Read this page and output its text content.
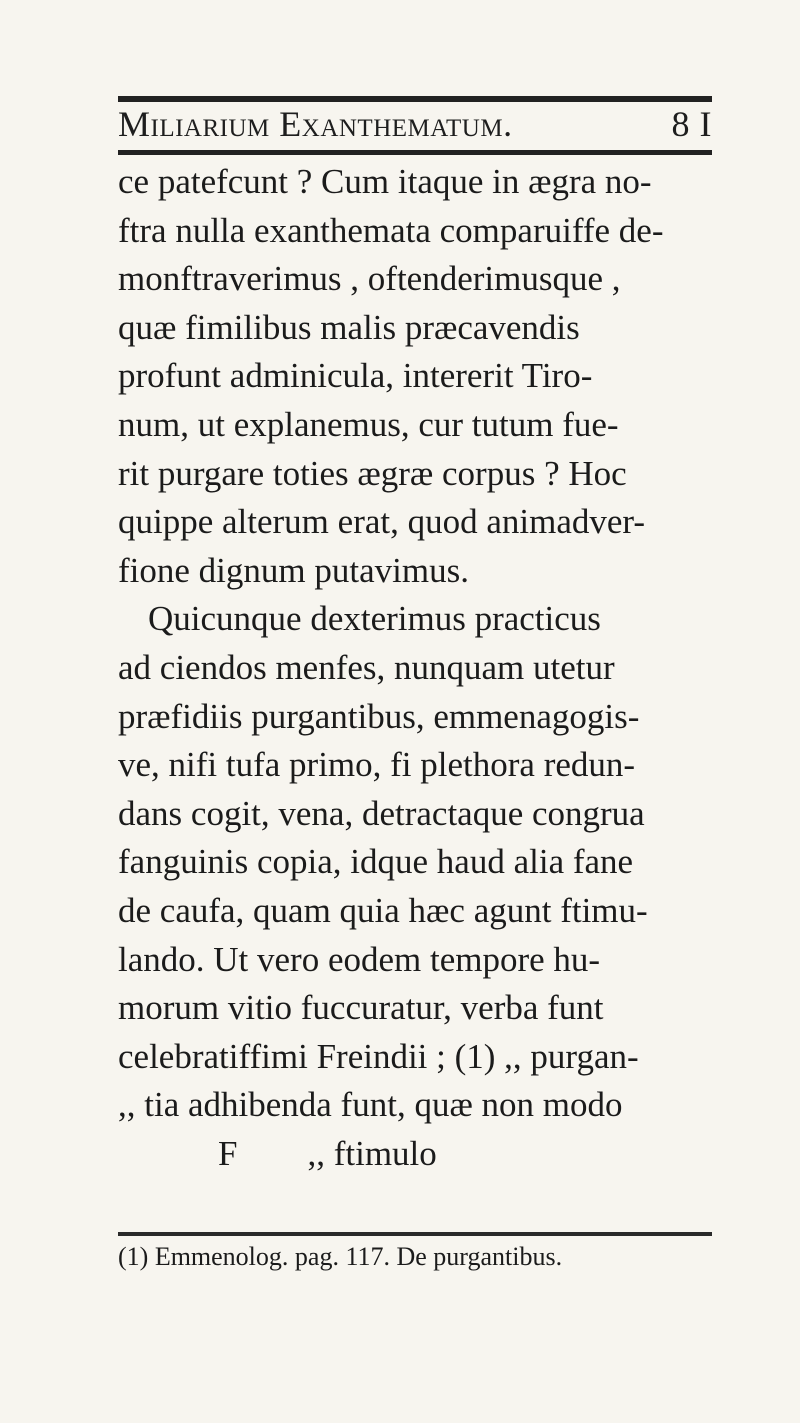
Miliarium Exanthematum.	8 I
ce patefcunt ? Cum itaque in ægra no-
ftra nulla exanthemata comparuiffe de-
monftraverimus , oftenderimusque ,
quæ fimilibus malis præcavendis
profunt adminicula, intererit Tiro-
num, ut explanemus, cur tutum fue-
rit purgare toties ægræ corpus ? Hoc
quippe alterum erat, quod animadver-
fione dignum putavimus.
Quicunque dexterimus practicus
ad ciendos menfes, nunquam utetur
præfidiis purgantibus, emmenagogis-
ve, nifi tufa primo, fi plethora redun-
dans cogit, vena, detractaque congrua
fanguinis copia, idque haud alia fane
de caufa, quam quia hæc agunt ftimu-
lando. Ut vero eodem tempore hu-
morum vitio fuccuratur, verba funt
celebratiffimi Freindii ; (1) ,, purgan-
,, tia adhibenda funt, quæ non modo
F ,, ftimulo
(1) Emmenolog. pag. 117. De purgantibus.
